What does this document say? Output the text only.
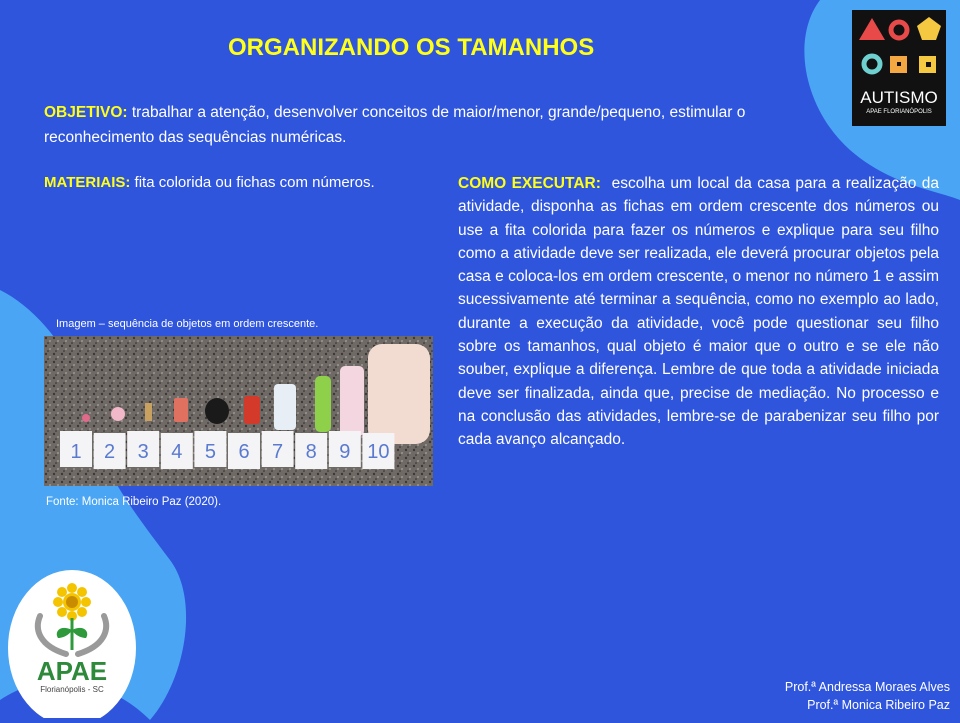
ORGANIZANDO OS TAMANHOS

OBJETIVO: trabalhar a atenção, desenvolver conceitos de maior/menor, grande/pequeno, estimular o reconhecimento das sequências numéricas.

MATERIAIS: fita colorida ou fichas com números.	COMO EXECUTAR:  escolha um local da casa para a realização da atividade, disponha as fichas em ordem crescente dos números ou use a fita colorida para fazer os números e explique para seu filho como a atividade deve ser realizada, ele deverá procurar objetos pela casa e coloca-los em ordem crescente, o menor no número 1 e assim sucessivamente até terminar a sequência, como no exemplo ao lado, durante a execução da atividade, você pode questionar seu filho sobre os tamanhos, qual objeto é maior que o outro e se ele não souber, explique a diferença. Lembre de que toda a atividade iniciada deve ser finalizada, ainda que, precise de mediação. No processo e na conclusão das atividades, lembre-se de parabenizar seu filho por cada avanço alcançado.

Imagem – sequência de objetos em ordem crescente.
1 2 3 4 5 6 7 8 9 10
Fonte: Monica Ribeiro Paz (2020).
AUTISMO
APAE FLORIANÓPOLIS
APAE
Florianópolis - SC	Prof.ª Andressa Moraes Alves
Prof.ª Monica Ribeiro Paz
